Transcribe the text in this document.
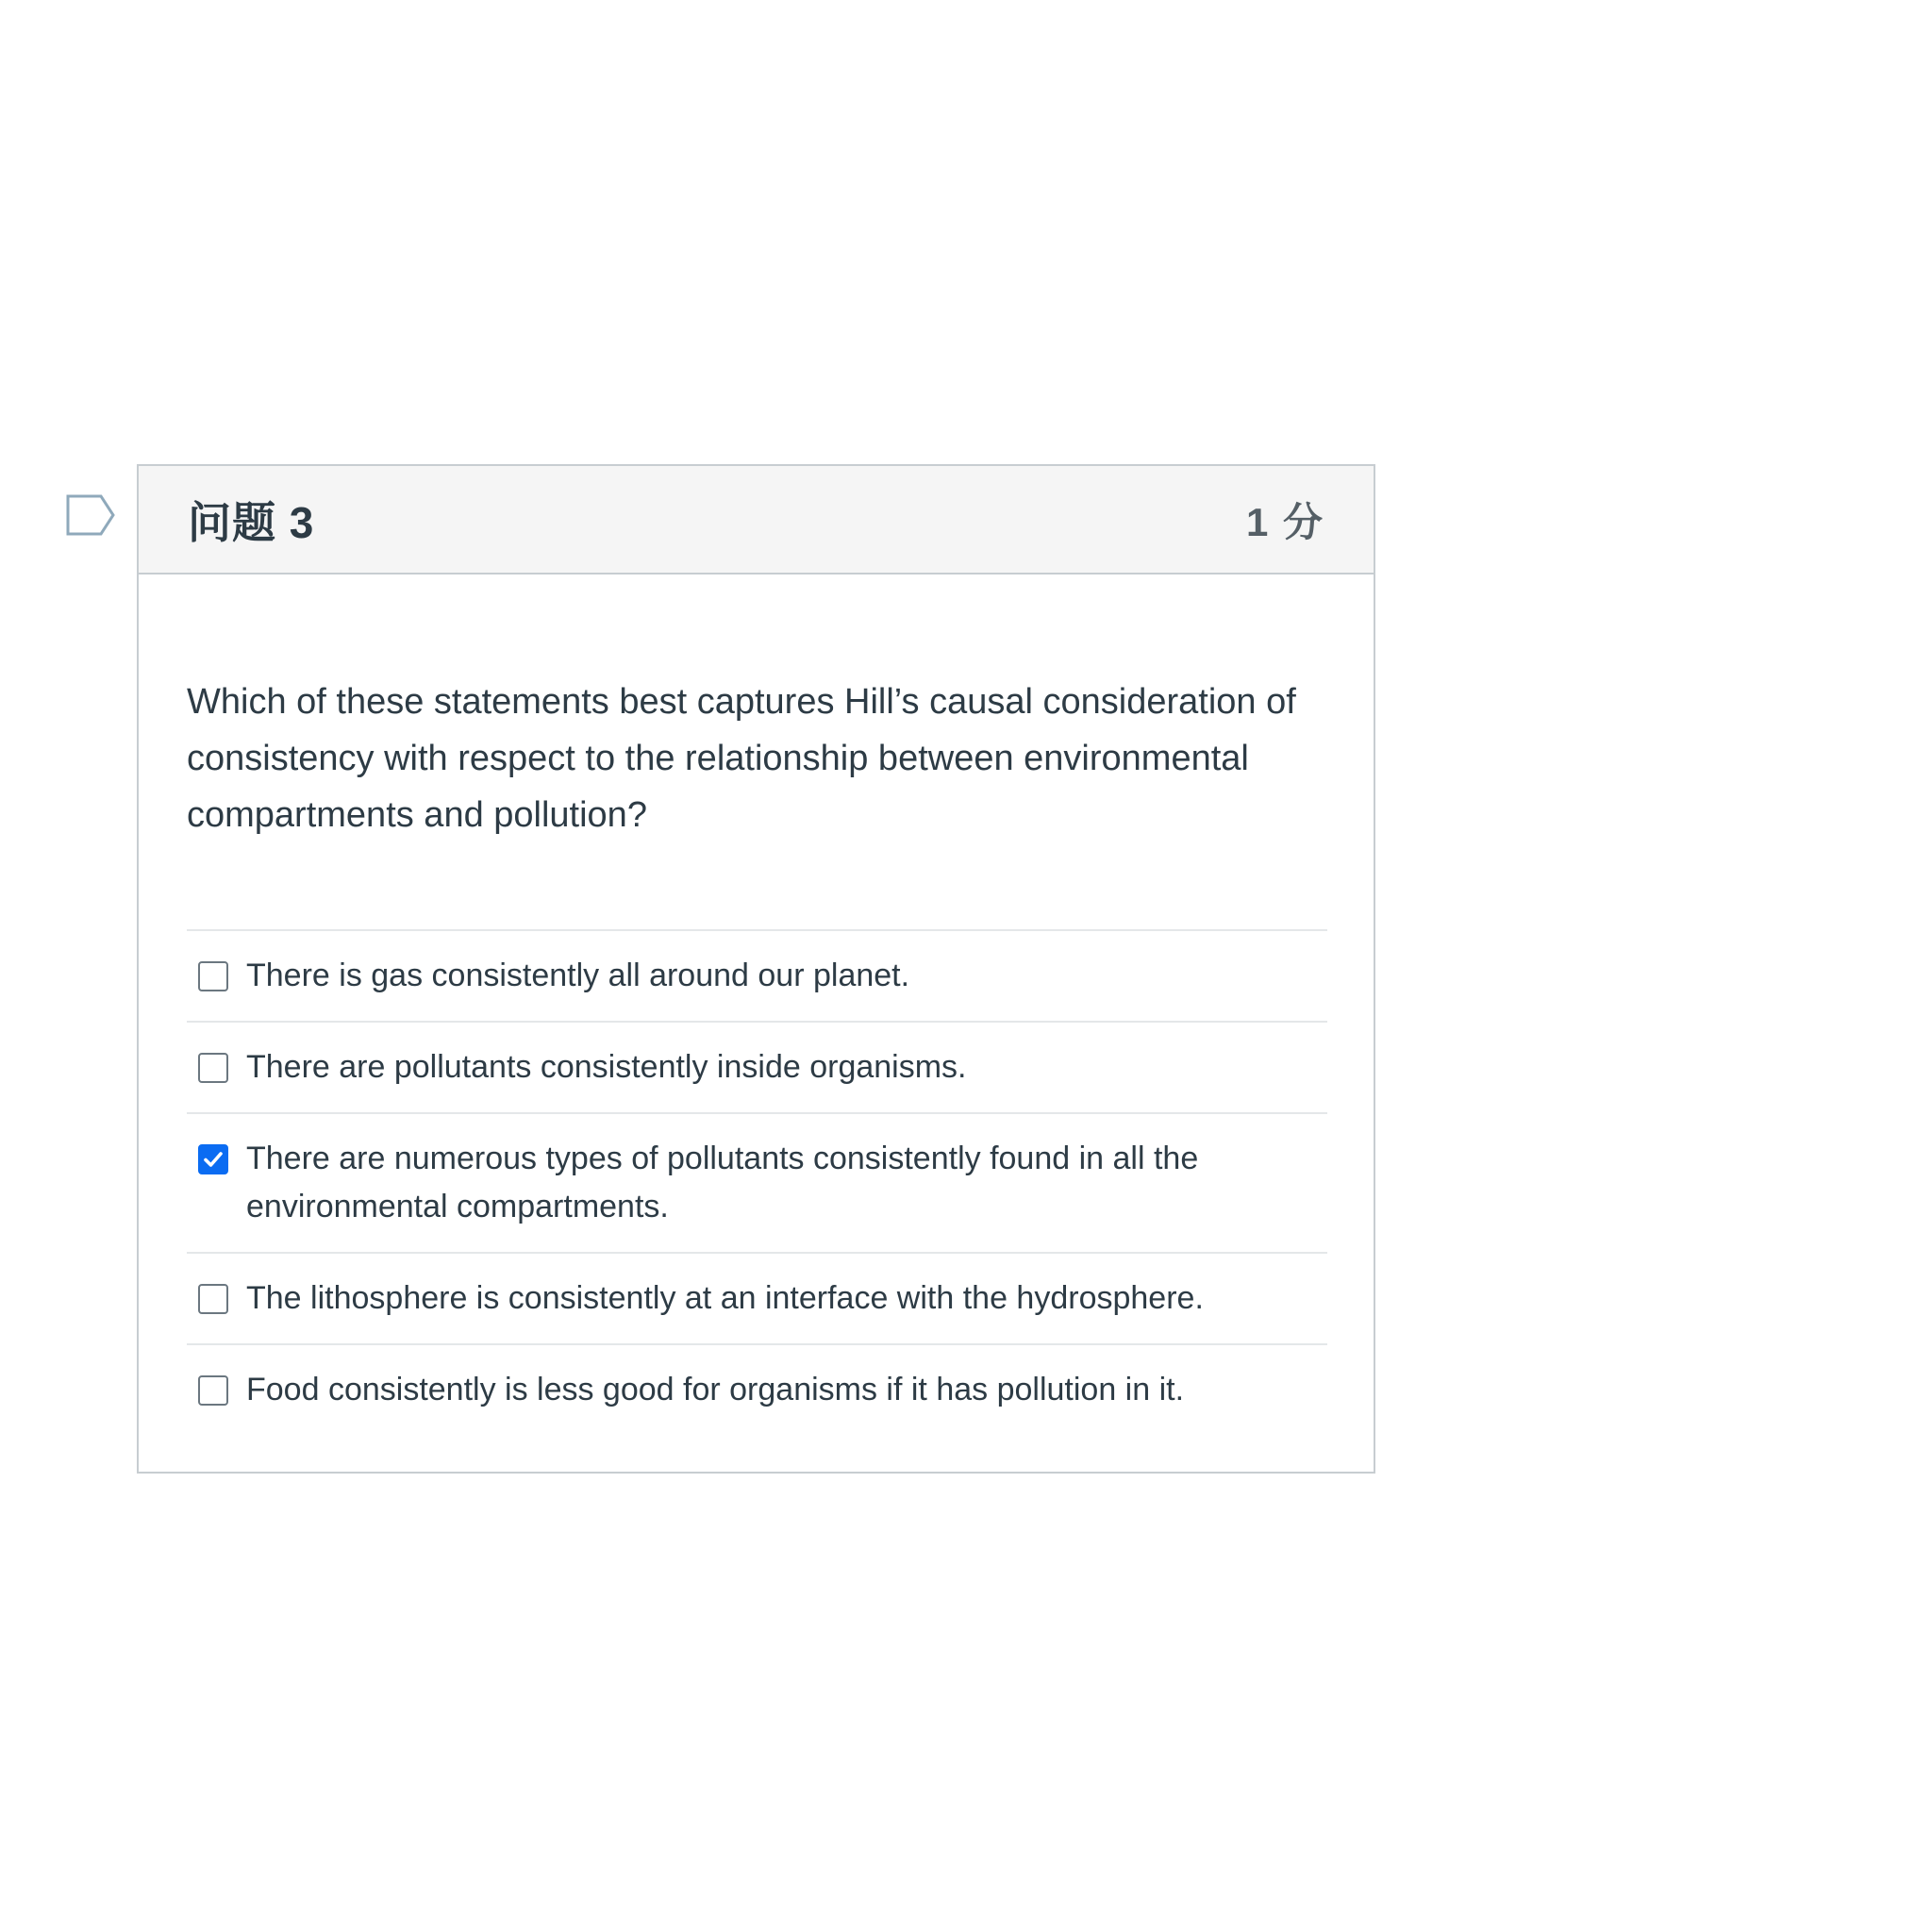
问题 3	1 分
Which of these statements best captures Hill’s causal consideration of consistency with respect to the relationship between environmental compartments and pollution?
There is gas consistently all around our planet.
There are pollutants consistently inside organisms.
There are numerous types of pollutants consistently found in all the environmental compartments.
The lithosphere is consistently at an interface with the hydrosphere.
Food consistently is less good for organisms if it has pollution in it.
